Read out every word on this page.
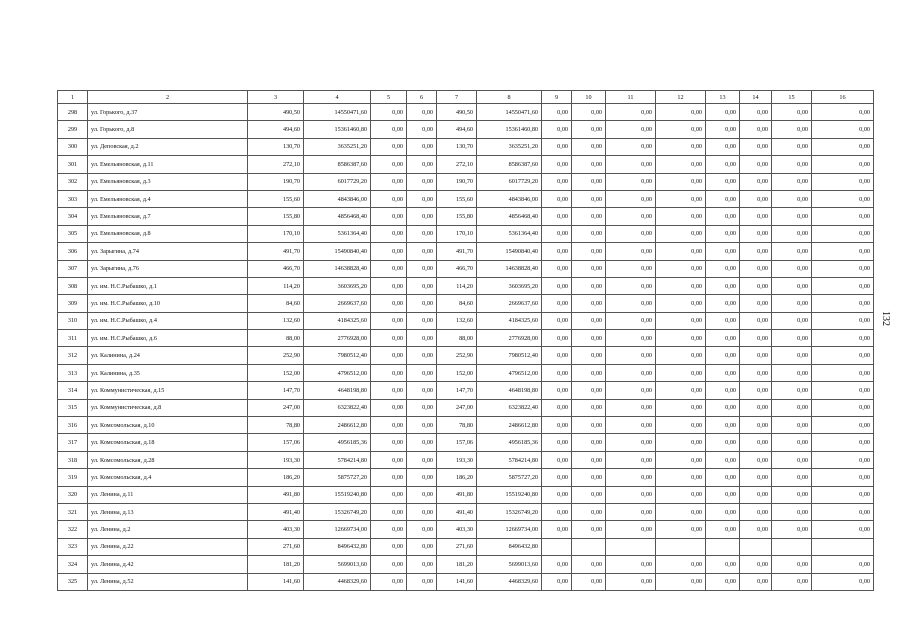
1	2	3	4	5	6	7	8	9	10	11	12	13	14	15	16
298	ул. Горького, д.37	490,50	14550471,60	0,00	0,00	490,50	14550471,60	0,00	0,00	0,00	0,00	0,00	0,00	0,00	0,00
299	ул. Горького, д.8	494,60	15361460,80	0,00	0,00	494,60	15361460,80	0,00	0,00	0,00	0,00	0,00	0,00	0,00	0,00
300	ул. Деповская, д.2	130,70	3635251,20	0,00	0,00	130,70	3635251,20	0,00	0,00	0,00	0,00	0,00	0,00	0,00	0,00
301	ул. Емельяновская, д.11	272,10	8586387,60	0,00	0,00	272,10	8586387,60	0,00	0,00	0,00	0,00	0,00	0,00	0,00	0,00
302	ул. Емельяновская, д.3	190,70	6017729,20	0,00	0,00	190,70	6017729,20	0,00	0,00	0,00	0,00	0,00	0,00	0,00	0,00
303	ул. Емельяновская, д.4	155,60	4843846,00	0,00	0,00	155,60	4843846,00	0,00	0,00	0,00	0,00	0,00	0,00	0,00	0,00
304	ул. Емельяновская, д.7	155,80	4856468,40	0,00	0,00	155,80	4856468,40	0,00	0,00	0,00	0,00	0,00	0,00	0,00	0,00
305	ул. Емельяновская, д.8	170,10	5361364,40	0,00	0,00	170,10	5361364,40	0,00	0,00	0,00	0,00	0,00	0,00	0,00	0,00
306	ул. Зарыгина, д.74	491,70	15490840,40	0,00	0,00	491,70	15490840,40	0,00	0,00	0,00	0,00	0,00	0,00	0,00	0,00
307	ул. Зарыгина, д.76	466,70	14638828,40	0,00	0,00	466,70	14638828,40	0,00	0,00	0,00	0,00	0,00	0,00	0,00	0,00
308	ул. им. Н.С.Рыбашко, д.1	114,20	3603695,20	0,00	0,00	114,20	3603695,20	0,00	0,00	0,00	0,00	0,00	0,00	0,00	0,00
309	ул. им. Н.С.Рыбашко, д.10	84,60	2669637,60	0,00	0,00	84,60	2669637,60	0,00	0,00	0,00	0,00	0,00	0,00	0,00	0,00
310	ул. им. Н.С.Рыбашко, д.4	132,60	4184325,60	0,00	0,00	132,60	4184325,60	0,00	0,00	0,00	0,00	0,00	0,00	0,00	0,00
311	ул. им. Н.С.Рыбашко, д.6	88,00	2776928,00	0,00	0,00	88,00	2776928,00	0,00	0,00	0,00	0,00	0,00	0,00	0,00	0,00
312	ул. Калинина, д.24	252,90	7980512,40	0,00	0,00	252,90	7980512,40	0,00	0,00	0,00	0,00	0,00	0,00	0,00	0,00
313	ул. Калинина, д.35	152,00	4796512,00	0,00	0,00	152,00	4796512,00	0,00	0,00	0,00	0,00	0,00	0,00	0,00	0,00
314	ул. Коммунистическая, д.15	147,70	4648198,80	0,00	0,00	147,70	4648198,80	0,00	0,00	0,00	0,00	0,00	0,00	0,00	0,00
315	ул. Коммунистическая, д.8	247,00	6323822,40	0,00	0,00	247,00	6323822,40	0,00	0,00	0,00	0,00	0,00	0,00	0,00	0,00
316	ул. Комсомольская, д.10	78,80	2486612,80	0,00	0,00	78,80	2486612,80	0,00	0,00	0,00	0,00	0,00	0,00	0,00	0,00
317	ул. Комсомольская, д.18	157,06	4956185,36	0,00	0,00	157,06	4956185,36	0,00	0,00	0,00	0,00	0,00	0,00	0,00	0,00
318	ул. Комсомольская, д.28	193,30	5784214,80	0,00	0,00	193,30	5784214,80	0,00	0,00	0,00	0,00	0,00	0,00	0,00	0,00
319	ул. Комсомольская, д.4	186,20	5875727,20	0,00	0,00	186,20	5875727,20	0,00	0,00	0,00	0,00	0,00	0,00	0,00	0,00
320	ул. Ленина, д.11	491,80	15519240,80	0,00	0,00	491,80	15519240,80	0,00	0,00	0,00	0,00	0,00	0,00	0,00	0,00
321	ул. Ленина, д.13	491,40	15326749,20	0,00	0,00	491,40	15326749,20	0,00	0,00	0,00	0,00	0,00	0,00	0,00	0,00
322	ул. Ленина, д.2	403,30	12669734,00	0,00	0,00	403,30	12669734,00	0,00	0,00	0,00	0,00	0,00	0,00	0,00	0,00
323	ул. Ленина, д.22	271,60	8496432,80	0,00	0,00	271,60	8496432,80								
324	ул. Ленина, д.42	181,20	5699013,60	0,00	0,00	181,20	5699013,60	0,00	0,00	0,00	0,00	0,00	0,00	0,00	0,00
325	ул. Ленина, д.52	141,60	4468329,60	0,00	0,00	141,60	4468329,60	0,00	0,00	0,00	0,00	0,00	0,00	0,00	0,00
132
